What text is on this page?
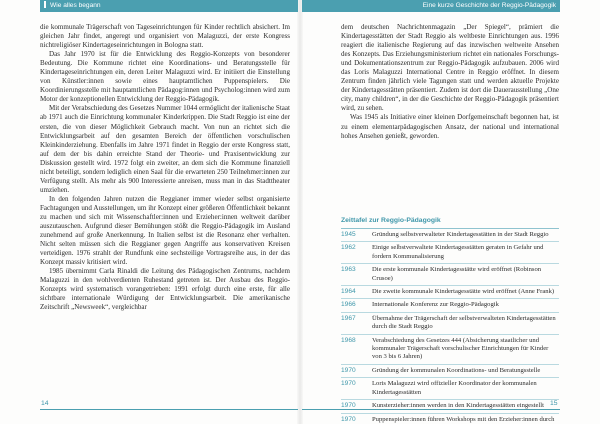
Wie alles begann

die kommunale Trägerschaft von Tageseinrichtungen für Kinder rechtlich absichert. Im gleichen Jahr findet, angeregt und organisiert von Malaguzzi, der erste Kongress nichtreligiöser Kindertageseinrichtungen in Bologna statt.

Das Jahr 1970 ist für die Entwicklung des Reggio-Konzepts von besonderer Bedeutung. Die Kommune richtet eine Koordinations- und Beratungsstelle für Kindertageseinrichtungen ein, deren Leiter Malaguzzi wird. Er initiiert die Einstellung von Künstler:innen sowie eines hauptamtlichen Puppenspielers. Die Koordinierungsstelle mit hauptamtlichen Pädagog:innen und Psycholog:innen wird zum Motor der konzeptionellen Entwicklung der Reggio-Pädagogik.

Mit der Verabschiedung des Gesetzes Nummer 1044 ermöglicht der italienische Staat ab 1971 auch die Einrichtung kommunaler Kinderkrippen. Die Stadt Reggio ist eine der ersten, die von dieser Möglichkeit Gebrauch macht. Von nun an richtet sich die Entwicklungsarbeit auf den gesamten Bereich der öffentlichen vorschulischen Kleinkinderziehung. Ebenfalls im Jahre 1971 findet in Reggio der erste Kongress statt, auf dem der bis dahin erreichte Stand der Theorie- und Praxisentwicklung zur Diskussion gestellt wird. 1972 folgt ein zweiter, an dem sich die Kommune finanziell nicht beteiligt, sondern lediglich einen Saal für die erwarteten 250 Teilnehmer:innen zur Verfügung stellt. Als mehr als 900 Interessierte anreisen, muss man in das Stadttheater umziehen.

In den folgenden Jahren nutzen die Reggianer immer wieder selbst organisierte Fachtagungen und Ausstellungen, um ihr Konzept einer größeren Öffentlichkeit bekannt zu machen und sich mit Wissenschaftler:innen und Erzieher:innen weltweit darüber auszutauschen. Aufgrund dieser Bemühungen stößt die Reggio-Pädagogik im Ausland zunehmend auf große Anerkennung. In Italien selbst ist die Resonanz eher verhalten. Nicht selten müssen sich die Reggianer gegen Angriffe aus konservativen Kreisen verteidigen. 1976 strahlt der Rundfunk eine sechsteilige Vortragsreihe aus, in der das Konzept massiv kritisiert wird.

1985 übernimmt Carla Rinaldi die Leitung des Pädagogischen Zentrums, nachdem Malaguzzi in den wohlverdienten Ruhestand getreten ist. Der Ausbau des Reggio-Konzepts wird systematisch vorangetrieben: 1991 erfolgt durch eine erste, für alle sichtbare internationale Würdigung der Entwicklungsarbeit. Die amerikanische Zeitschrift „Newsweek“, vergleichbar

14
Eine kurze Geschichte der Reggio-Pädagogik

dem deutschen Nachrichtenmagazin „Der Spiegel“, prämiert die Kindertagesstätten der Stadt Reggio als weltbeste Einrichtungen aus. 1996 reagiert die italienische Regierung auf das inzwischen weltweite Ansehen des Konzepts. Das Erziehungsministerium richtet ein nationales Forschungs- und Dokumentationszentrum zur Reggio-Pädagogik aufzubauen. 2006 wird das Loris Malaguzzi International Centre in Reggio eröffnet. In diesem Zentrum finden jährlich viele Tagungen statt und werden aktuelle Projekte der Kindertagesstätten präsentiert. Zudem ist dort die Dauerausstellung „One city, many children“, in der die Geschichte der Reggio-Pädagogik präsentiert wird, zu sehen.

Was 1945 als Initiative einer kleinen Dorfgemeinschaft begonnen hat, ist zu einem elementarpädagogischen Ansatz, der national und international hohes Ansehen genießt, geworden.

Zeittafel zur Reggio-Pädagogik
1945	Gründung selbstverwalteter Kindertagesstätten in der Stadt Reggio
1962	Einige selbstverwaltete Kindertagesstätten geraten in Gefahr und fordern Kommunalisierung
1963	Die erste kommunale Kindertagesstätte wird eröffnet (Robinson Crusoe)
1964	Die zweite kommunale Kindertagesstätte wird eröffnet (Anne Frank)
1966	Internationale Konferenz zur Reggio-Pädagogik
1967	Übernahme der Trägerschaft der selbstverwalteten Kindertagesstätten durch die Stadt Reggio
1968	Verabschiedung des Gesetzes 444 (Absicherung staatlicher und kommunaler Trägerschaft vorschulischer Einrichtungen für Kinder von 3 bis 6 Jahren)
1970	Gründung der kommunalen Koordinations- und Beratungsstelle
1970	Loris Malaguzzi wird offizieller Koordinator der kommunalen Kindertagesstätten
1970	Kunsterzieher:innen werden in den Kindertagesstätten eingestellt
1970	Puppenspieler:innen führen Workshops mit den Erzieher:innen durch
15
